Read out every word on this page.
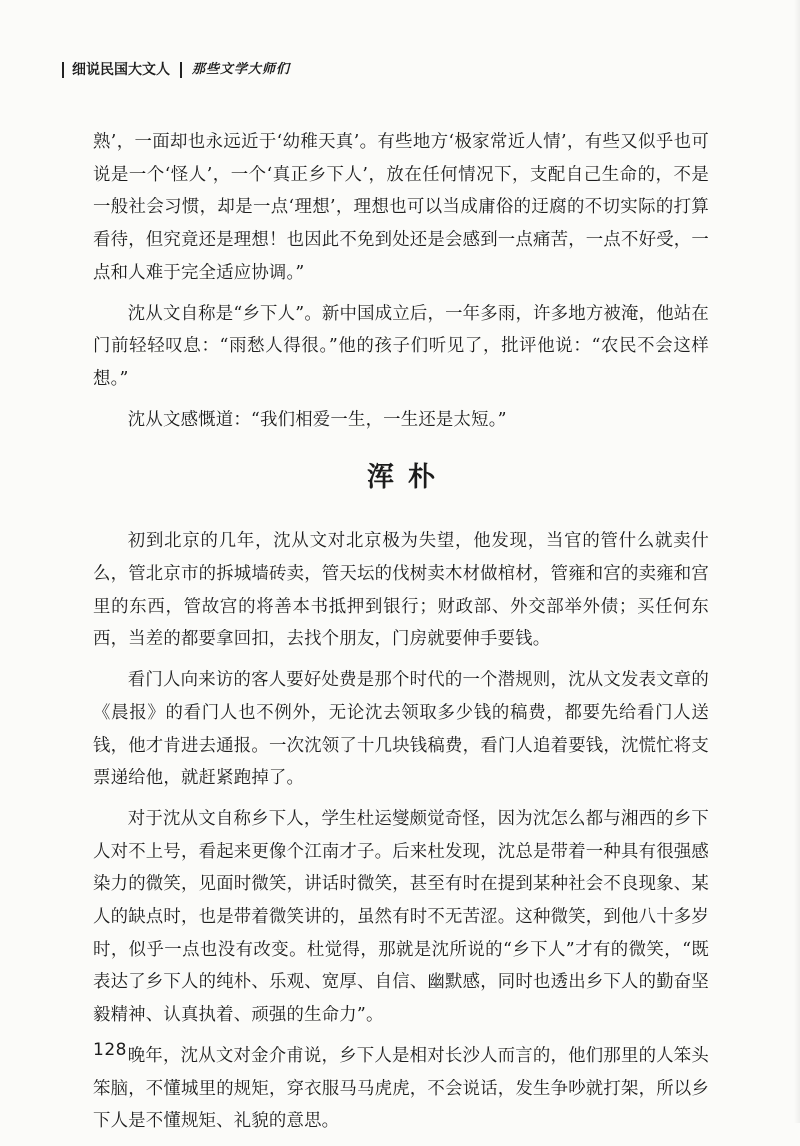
细说民国大文人 那些文学大师们

熟’，一面却也永远近于‘幼稚天真’。有些地方‘极家常近人情’，有些又似乎也可说是一个‘怪人’，一个‘真正乡下人’，放在任何情况下，支配自己生命的，不是一般社会习惯，却是一点‘理想’，理想也可以当成庸俗的迂腐的不切实际的打算看待，但究竟还是理想！也因此不免到处还是会感到一点痛苦，一点不好受，一点和人难于完全适应协调。”

沈从文自称是“乡下人”。新中国成立后，一年多雨，许多地方被淹，他站在门前轻轻叹息：“雨愁人得很。”他的孩子们听见了，批评他说：“农民不会这样想。”

沈从文感慨道：“我们相爱一生，一生还是太短。”

浑朴

初到北京的几年，沈从文对北京极为失望，他发现，当官的管什么就卖什么，管北京市的拆城墙砖卖，管天坛的伐树卖木材做棺材，管雍和宫的卖雍和宫里的东西，管故宫的将善本书抵押到银行；财政部、外交部举外债；买任何东西，当差的都要拿回扣，去找个朋友，门房就要伸手要钱。

看门人向来访的客人要好处费是那个时代的一个潜规则，沈从文发表文章的《晨报》的看门人也不例外，无论沈去领取多少钱的稿费，都要先给看门人送钱，他才肯进去通报。一次沈领了十几块钱稿费，看门人追着要钱，沈慌忙将支票递给他，就赶紧跑掉了。

对于沈从文自称乡下人，学生杜运燮颇觉奇怪，因为沈怎么都与湘西的乡下人对不上号，看起来更像个江南才子。后来杜发现，沈总是带着一种具有很强感染力的微笑，见面时微笑，讲话时微笑，甚至有时在提到某种社会不良现象、某人的缺点时，也是带着微笑讲的，虽然有时不无苦涩。这种微笑，到他八十多岁时，似乎一点也没有改变。杜觉得，那就是沈所说的“乡下人”才有的微笑，“既表达了乡下人的纯朴、乐观、宽厚、自信、幽默感，同时也透出乡下人的勤奋坚毅精神、认真执着、顽强的生命力”。

晚年，沈从文对金介甫说，乡下人是相对长沙人而言的，他们那里的人笨头笨脑，不懂城里的规矩，穿衣服马马虎虎，不会说话，发生争吵就打架，所以乡下人是不懂规矩、礼貌的意思。

128
